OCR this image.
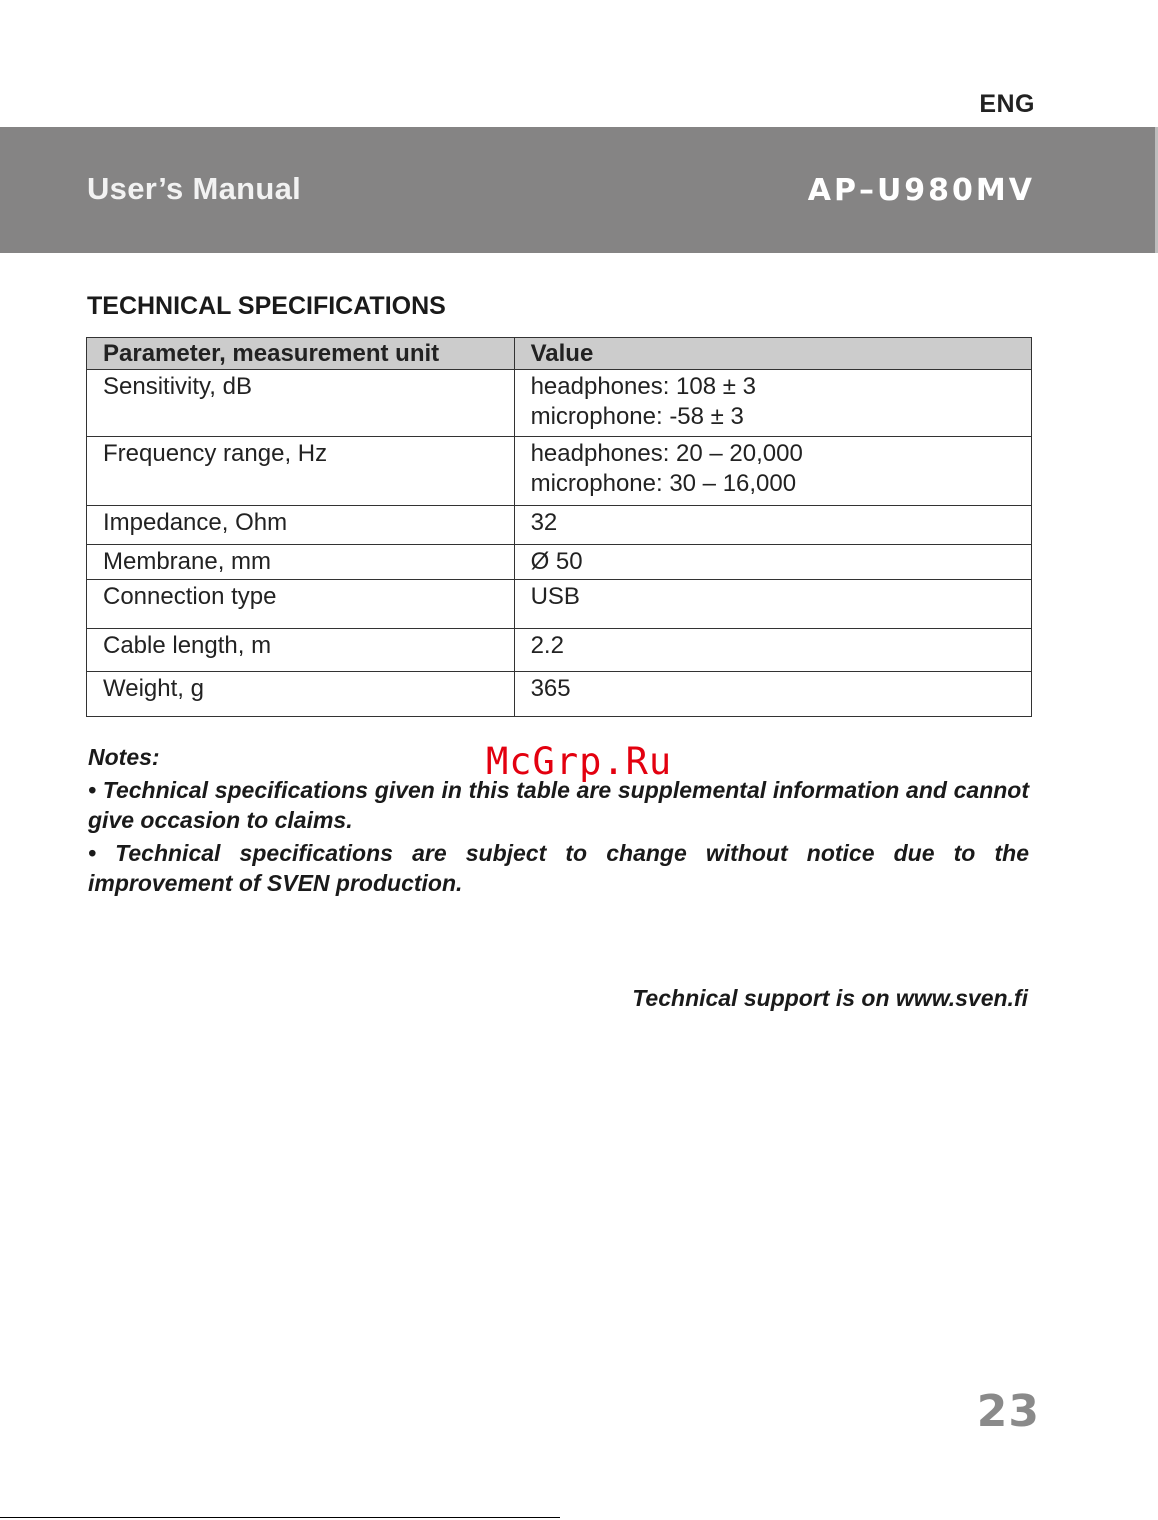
ENG
User’s Manual	AP–U980MV
TECHNICAL SPECIFICATIONS
Parameter, measurement unit	Value
Sensitivity, dB	headphones: 108 ± 3
microphone: -58 ± 3

Frequency range, Hz	headphones: 20 – 20,000
microphone: 30 – 16,000

Impedance, Ohm	32
Membrane, mm	Ø 50
Connection type	USB
Cable length, m	2.2
Weight, g	365

Notes:

• Technical specifications given in this table are supplemental information and cannot give occasion to claims.

• Technical specifications are subject to change without notice due to the improvement of SVEN production.

McGrp.Ru
Technical support is on www.sven.fi
23
